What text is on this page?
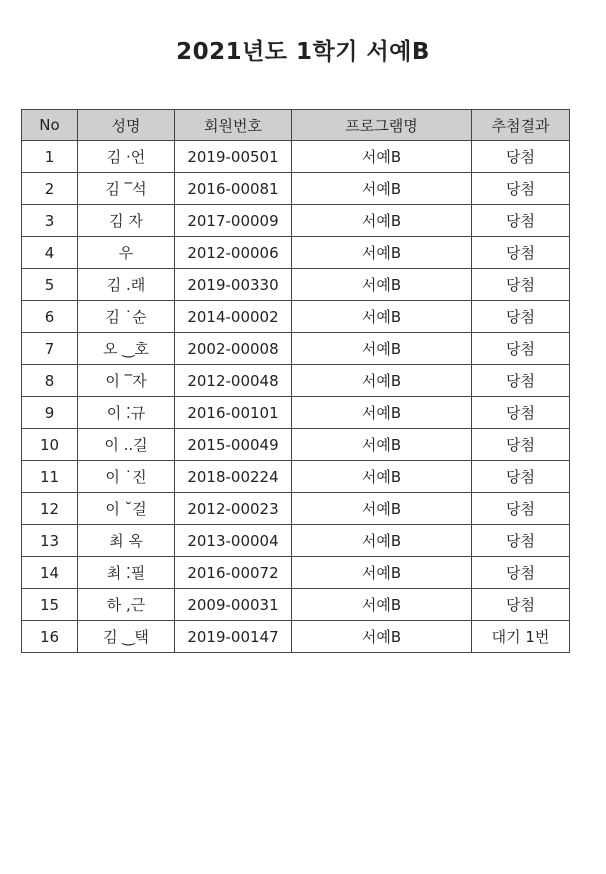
2021년도 1학기 서예B
No	성명	회원번호	프로그램명	추첨결과
1	김 ·언	2019-00501	서예B	당첨
2	김 ‾석	2016-00081	서예B	당첨
3	김 자	2017-00009	서예B	당첨
4	우	2012-00006	서예B	당첨
5	김 .래	2019-00330	서예B	당첨
6	김 ˙순	2014-00002	서예B	당첨
7	오 ‿호	2002-00008	서예B	당첨
8	이 ‾자	2012-00048	서예B	당첨
9	이 ⁚규	2016-00101	서예B	당첨
10	이 ..길	2015-00049	서예B	당첨
11	이 ˙진	2018-00224	서예B	당첨
12	이 ˘걸	2012-00023	서예B	당첨
13	최 옥	2013-00004	서예B	당첨
14	최 ⁚필	2016-00072	서예B	당첨
15	하 ,근	2009-00031	서예B	당첨
16	김 ‿택	2019-00147	서예B	대기 1번
